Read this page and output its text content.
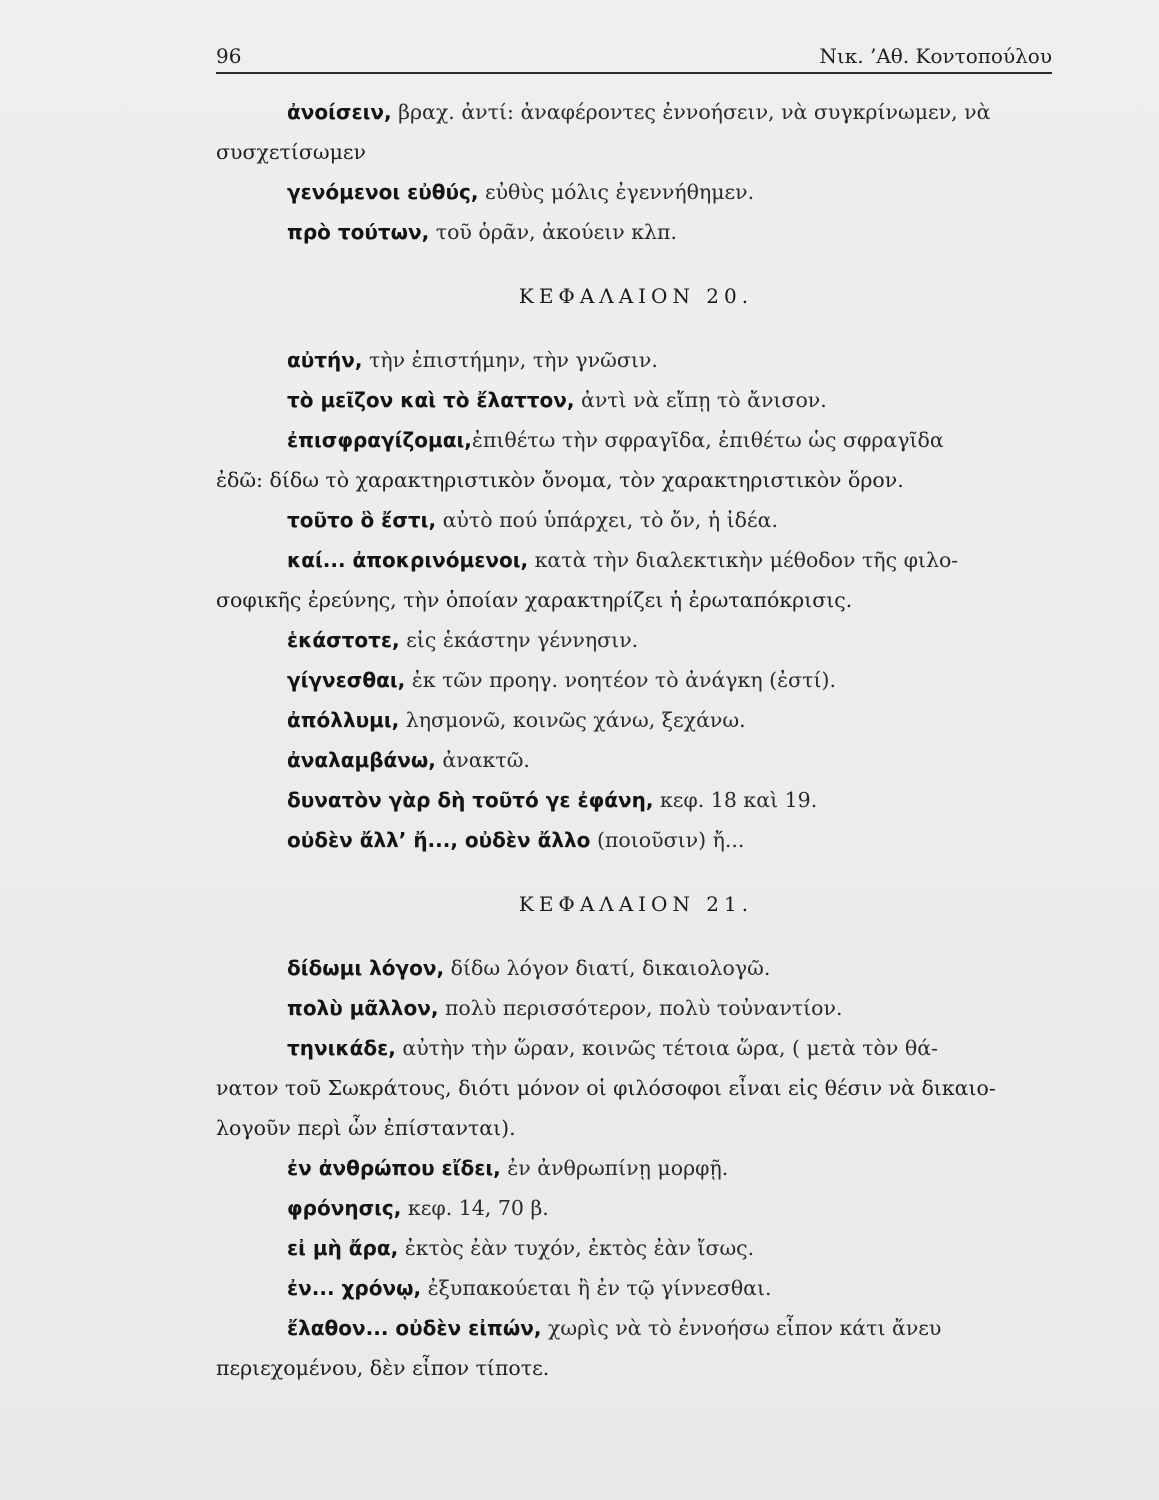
96	Νικ. ’Αθ. Κοντοπούλου
ἀνοίσειν, βραχ. ἀντί: ἀναφέροντες ἐννοήσειν, νὰ συγκρίνωμεν, νὰ
συσχετίσωμεν
γενόμενοι εὐθύς, εὐθὺς μόλις ἐγεννήθημεν.
πρὸ τούτων, τοῦ ὁρᾶν, ἀκούειν κλπ.
ΚΕΦΑΛΑΙΟΝ 20.
αὐτήν, τὴν ἐπιστήμην, τὴν γνῶσιν.
τὸ μεῖζον καὶ τὸ ἔλαττον, ἀντὶ νὰ εἴπῃ τὸ ἄνισον.
ἐπισφραγίζομαι,ἐπιθέτω τὴν σφραγῖδα, ἐπιθέτω ὡς σφραγῖδα
ἐδῶ: δίδω τὸ χαρακτηριστικὸν ὄνομα, τὸν χαρακτηριστικὸν ὅρον.
τοῦτο ὃ ἔστι, αὐτὸ πού ὑπάρχει, τὸ ὄν, ἡ ἰδέα.
καί... ἀποκρινόμενοι, κατὰ τὴν διαλεκτικὴν μέθοδον τῆς φιλο-
σοφικῆς ἐρεύνης, τὴν ὁποίαν χαρακτηρίζει ἡ ἐρωταπόκρισις.
ἑκάστοτε, εἰς ἑκάστην γέννησιν.
γίγνεσθαι, ἐκ τῶν προηγ. νοητέον τὸ ἀνάγκη (ἐστί).
ἀπόλλυμι, λησμονῶ, κοινῶς χάνω, ξεχάνω.
ἀναλαμβάνω, ἀνακτῶ.
δυνατὸν γὰρ δὴ τοῦτό γε ἐφάνη, κεφ. 18 καὶ 19.
οὐδὲν ἄλλ’ ἤ..., οὐδὲν ἄλλο (ποιοῦσιν) ἤ...
ΚΕΦΑΛΑΙΟΝ 21.
δίδωμι λόγον, δίδω λόγον διατί, δικαιολογῶ.
πολὺ μᾶλλον, πολὺ περισσότερον, πολὺ τοὐναντίον.
τηνικάδε, αὐτὴν τὴν ὥραν, κοινῶς τέτοια ὥρα, ( μετὰ τὸν θά-
νατον τοῦ Σωκράτους, διότι μόνον οἱ φιλόσοφοι εἶναι εἰς θέσιν νὰ δικαιο-
λογοῦν περὶ ὧν ἐπίστανται).
ἐν ἀνθρώπου εἴδει, ἐν ἀνθρωπίνῃ μορφῇ.
φρόνησις, κεφ. 14, 70 β.
εἰ μὴ ἄρα, ἐκτὸς ἐὰν τυχόν, ἐκτὸς ἐὰν ἴσως.
ἐν... χρόνῳ, ἐξυπακούεται ἢ ἐν τῷ γίννεσθαι.
ἔλαθον... οὐδὲν εἰπών, χωρὶς νὰ τὸ ἐννοήσω εἶπον κάτι ἄνευ
περιεχομένου, δὲν εἶπον τίποτε.
